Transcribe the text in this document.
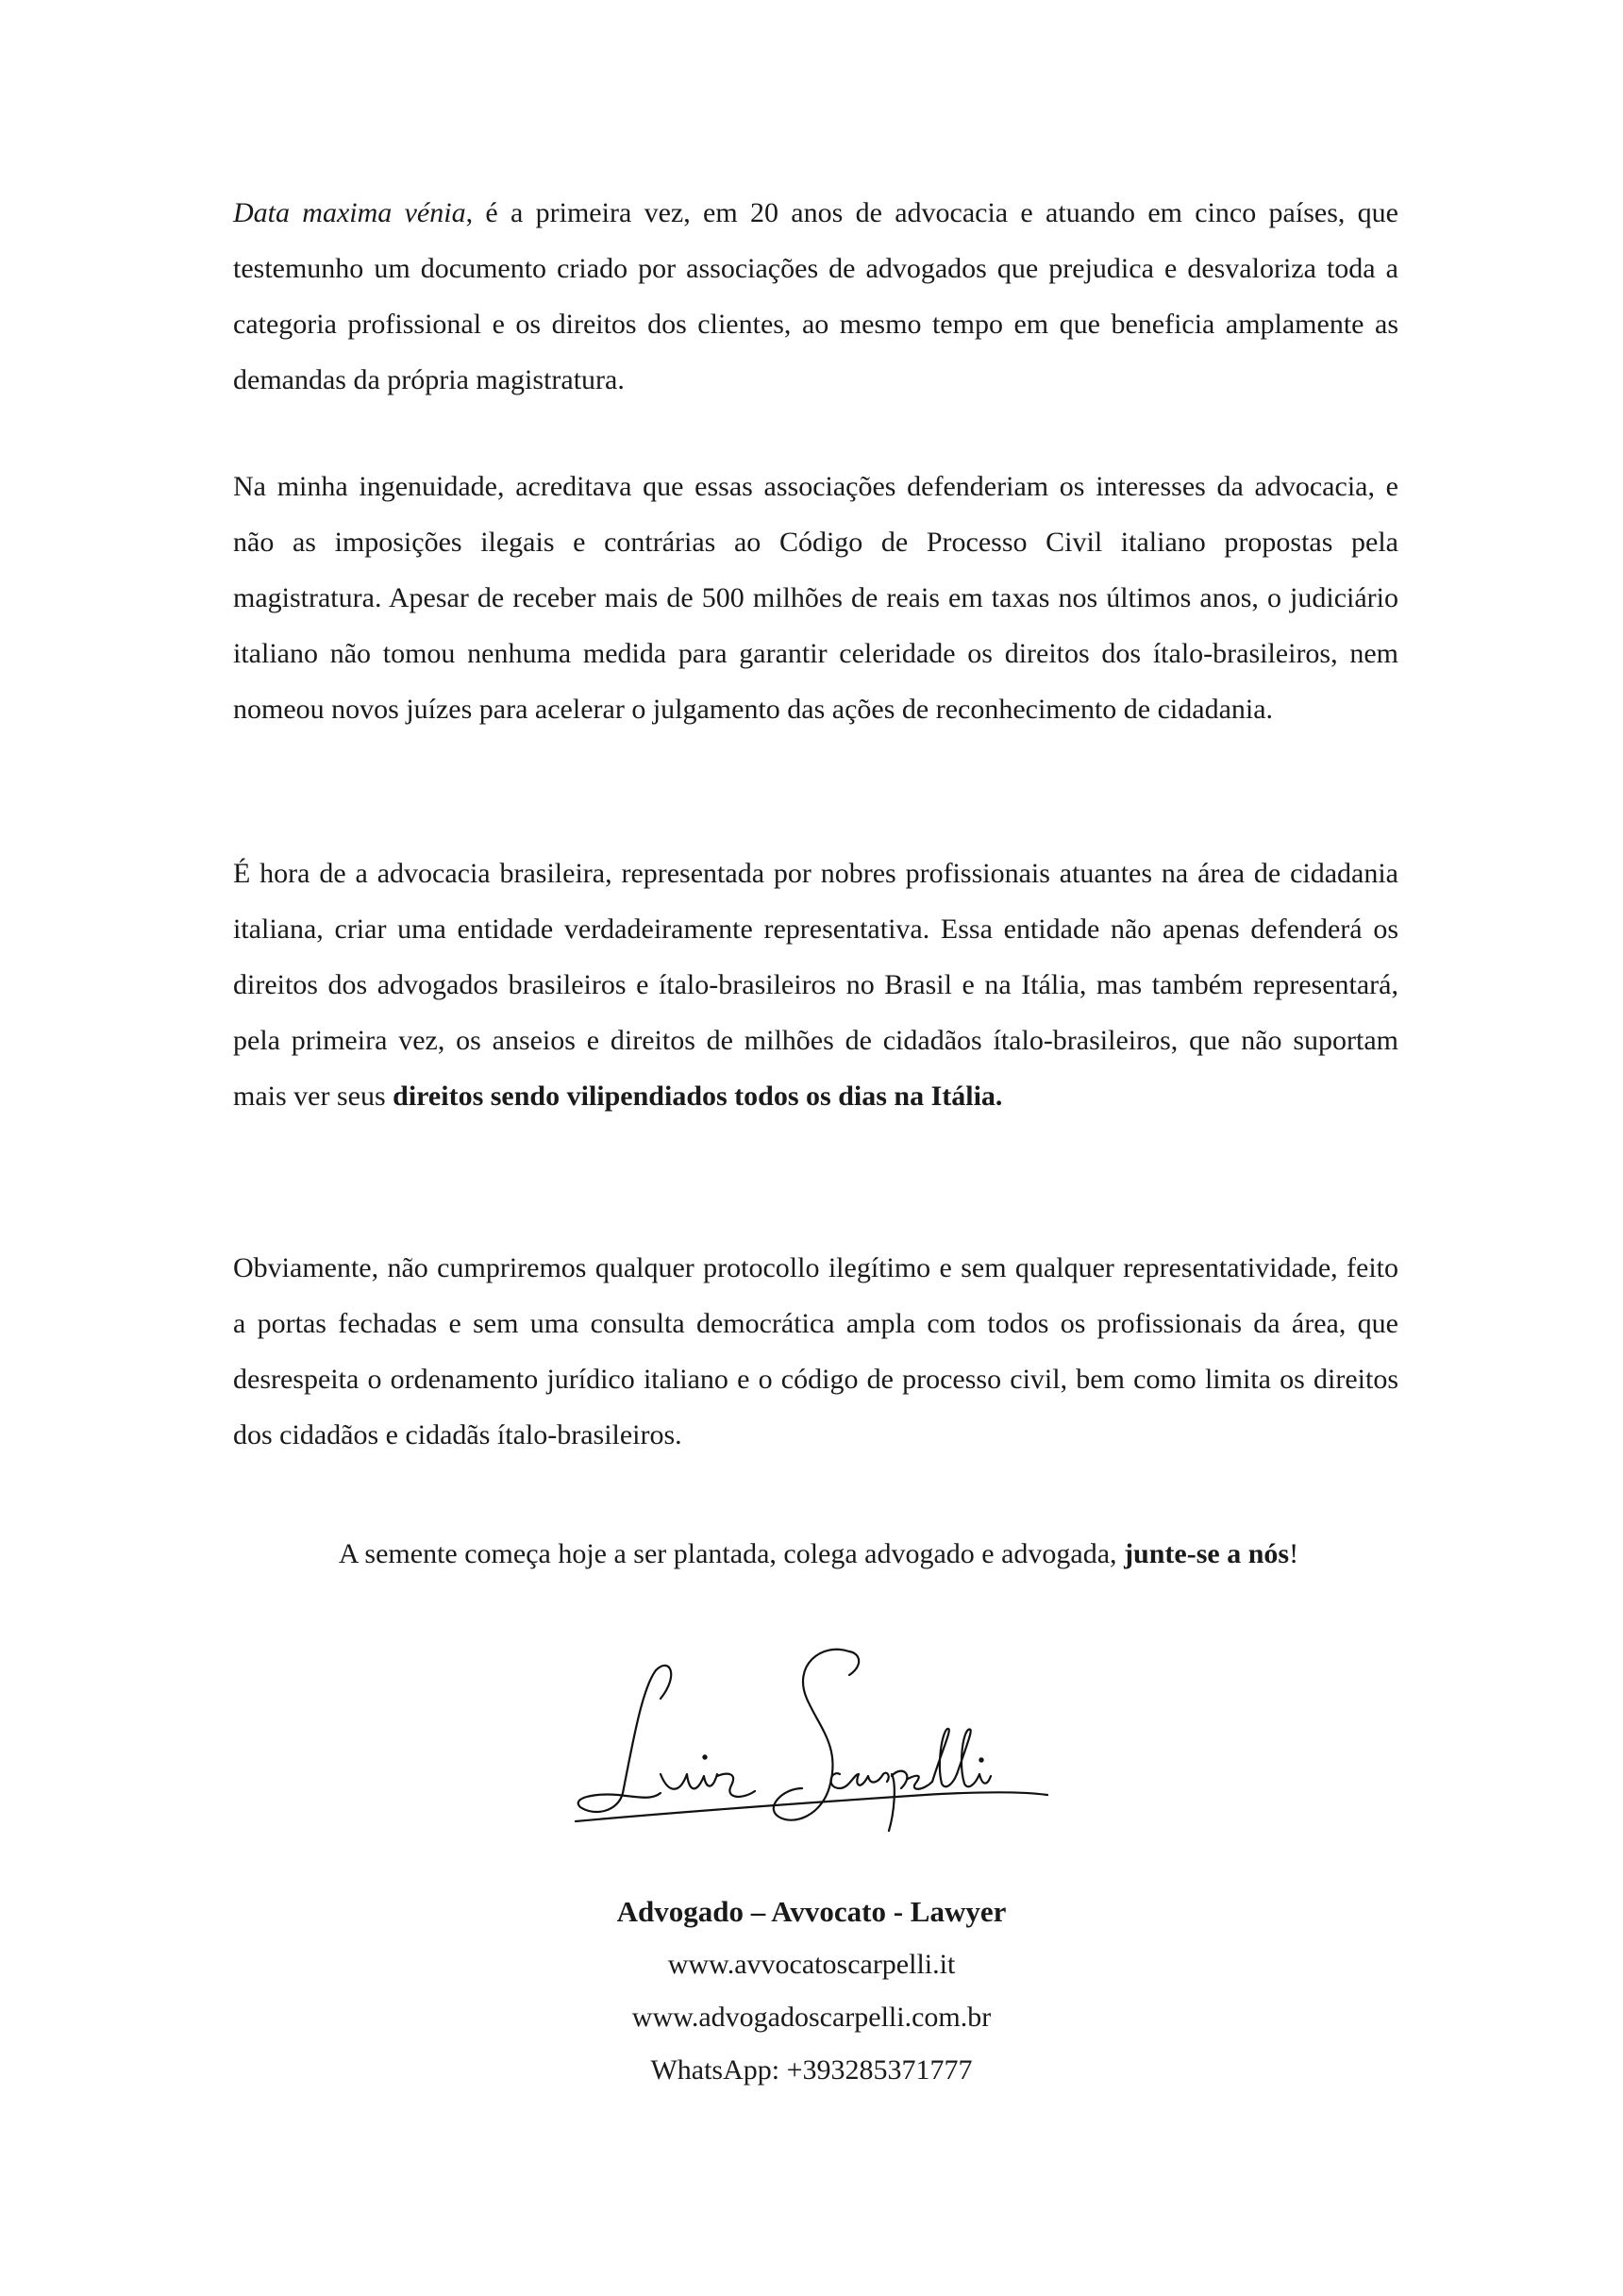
Data maxima vénia, é a primeira vez, em 20 anos de advocacia e atuando em cinco países, que testemunho um documento criado por associações de advogados que prejudica e desvaloriza toda a categoria profissional e os direitos dos clientes, ao mesmo tempo em que beneficia amplamente as demandas da própria magistratura.

Na minha ingenuidade, acreditava que essas associações defenderiam os interesses da advocacia, e não as imposições ilegais e contrárias ao Código de Processo Civil italiano propostas pela magistratura. Apesar de receber mais de 500 milhões de reais em taxas nos últimos anos, o judiciário italiano não tomou nenhuma medida para garantir celeridade os direitos dos ítalo-brasileiros, nem nomeou novos juízes para acelerar o julgamento das ações de reconhecimento de cidadania.

É hora de a advocacia brasileira, representada por nobres profissionais atuantes na área de cidadania italiana, criar uma entidade verdadeiramente representativa. Essa entidade não apenas defenderá os direitos dos advogados brasileiros e ítalo-brasileiros no Brasil e na Itália, mas também representará, pela primeira vez, os anseios e direitos de milhões de cidadãos ítalo-brasileiros, que não suportam mais ver seus direitos sendo vilipendiados todos os dias na Itália.

Obviamente, não cumpriremos qualquer protocollo ilegítimo e sem qualquer representatividade, feito a portas fechadas e sem uma consulta democrática ampla com todos os profissionais da área, que desrespeita o ordenamento jurídico italiano e o código de processo civil, bem como limita os direitos dos cidadãos e cidadãs ítalo-brasileiros.

A semente começa hoje a ser plantada, colega advogado e advogada, junte-se a nós!

Advogado – Avvocato - Lawyer
www.avvocatoscarpelli.it
www.advogadoscarpelli.com.br
WhatsApp: +393285371777
